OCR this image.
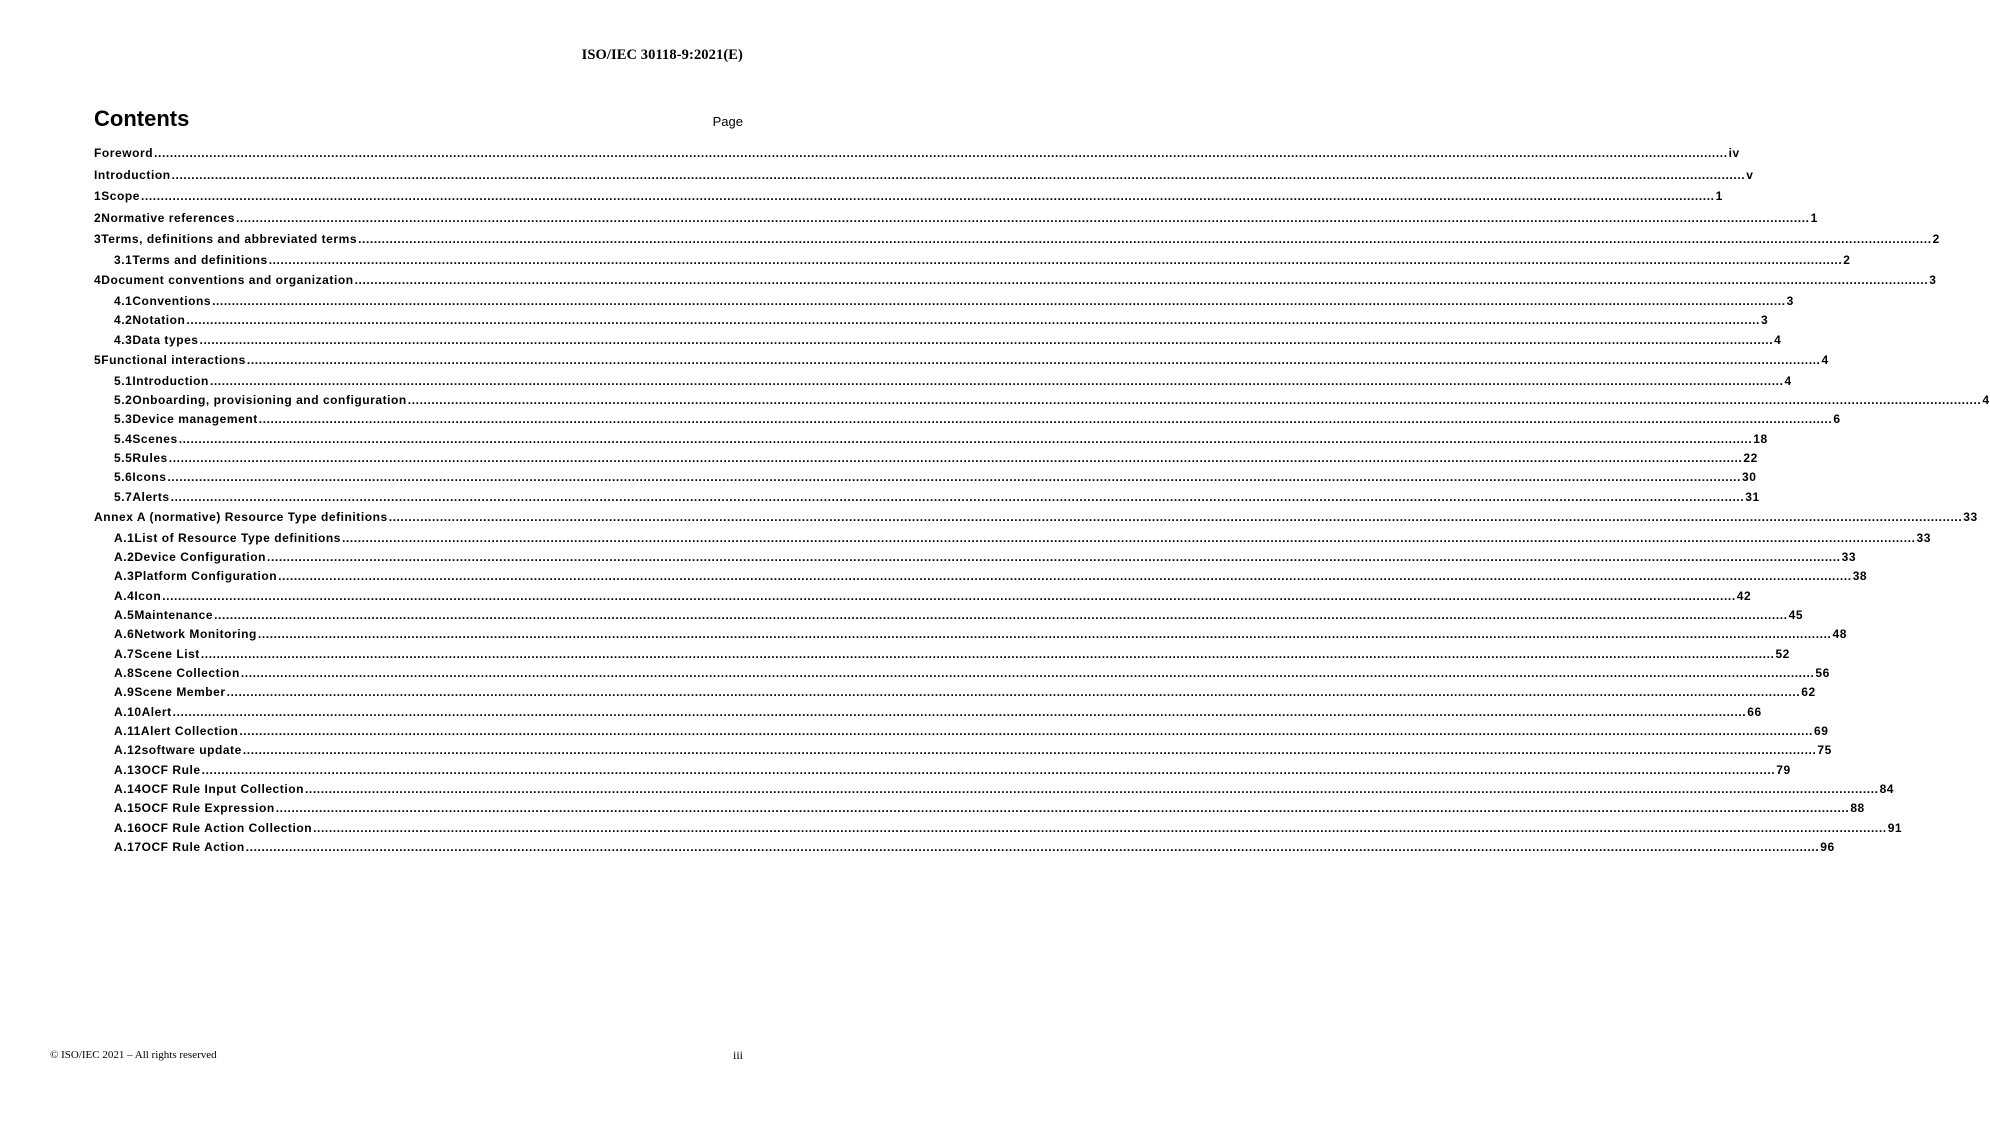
ISO/IEC 30118-9:2021(E)
Contents	Page
Foreword ................................................................................................................................................................................................................................................................................................................................................................................................................ iv
Introduction ................................................................................................................................................................................................................................................................................................................................................................................................................ v
1 Scope ................................................................................................................................................................................................................................................................................................................................................................................................................ 1
2 Normative references ................................................................................................................................................................................................................................................................................................................................................................................................................ 1
3 Terms, definitions and abbreviated terms ................................................................................................................................................................................................................................................................................................................................................................................................................ 2
3.1 Terms and definitions ................................................................................................................................................................................................................................................................................................................................................................................................................ 2
4 Document conventions and organization ................................................................................................................................................................................................................................................................................................................................................................................................................ 3
4.1 Conventions ................................................................................................................................................................................................................................................................................................................................................................................................................ 3
4.2 Notation ................................................................................................................................................................................................................................................................................................................................................................................................................ 3
4.3 Data types ................................................................................................................................................................................................................................................................................................................................................................................................................ 4
5 Functional interactions ................................................................................................................................................................................................................................................................................................................................................................................................................ 4
5.1 Introduction ................................................................................................................................................................................................................................................................................................................................................................................................................ 4
5.2 Onboarding, provisioning and configuration ................................................................................................................................................................................................................................................................................................................................................................................................................ 4
5.3 Device management ................................................................................................................................................................................................................................................................................................................................................................................................................ 6
5.4 Scenes ................................................................................................................................................................................................................................................................................................................................................................................................................ 18
5.5 Rules ................................................................................................................................................................................................................................................................................................................................................................................................................ 22
5.6 Icons ................................................................................................................................................................................................................................................................................................................................................................................................................ 30
5.7 Alerts ................................................................................................................................................................................................................................................................................................................................................................................................................ 31
Annex A (normative) Resource Type definitions ................................................................................................................................................................................................................................................................................................................................................................................................................ 33
A.1 List of Resource Type definitions ................................................................................................................................................................................................................................................................................................................................................................................................................ 33
A.2 Device Configuration ................................................................................................................................................................................................................................................................................................................................................................................................................ 33
A.3 Platform Configuration ................................................................................................................................................................................................................................................................................................................................................................................................................ 38
A.4 Icon ................................................................................................................................................................................................................................................................................................................................................................................................................ 42
A.5 Maintenance ................................................................................................................................................................................................................................................................................................................................................................................................................ 45
A.6 Network Monitoring ................................................................................................................................................................................................................................................................................................................................................................................................................ 48
A.7 Scene List ................................................................................................................................................................................................................................................................................................................................................................................................................ 52
A.8 Scene Collection ................................................................................................................................................................................................................................................................................................................................................................................................................ 56
A.9 Scene Member ................................................................................................................................................................................................................................................................................................................................................................................................................ 62
A.10 Alert ................................................................................................................................................................................................................................................................................................................................................................................................................ 66
A.11 Alert Collection ................................................................................................................................................................................................................................................................................................................................................................................................................ 69
A.12 software update ................................................................................................................................................................................................................................................................................................................................................................................................................ 75
A.13 OCF Rule ................................................................................................................................................................................................................................................................................................................................................................................................................ 79
A.14 OCF Rule Input Collection ................................................................................................................................................................................................................................................................................................................................................................................................................ 84
A.15 OCF Rule Expression ................................................................................................................................................................................................................................................................................................................................................................................................................ 88
A.16 OCF Rule Action Collection ................................................................................................................................................................................................................................................................................................................................................................................................................ 91
A.17 OCF Rule Action ................................................................................................................................................................................................................................................................................................................................................................................................................ 96
© ISO/IEC 2021 – All rights reserved	iii
